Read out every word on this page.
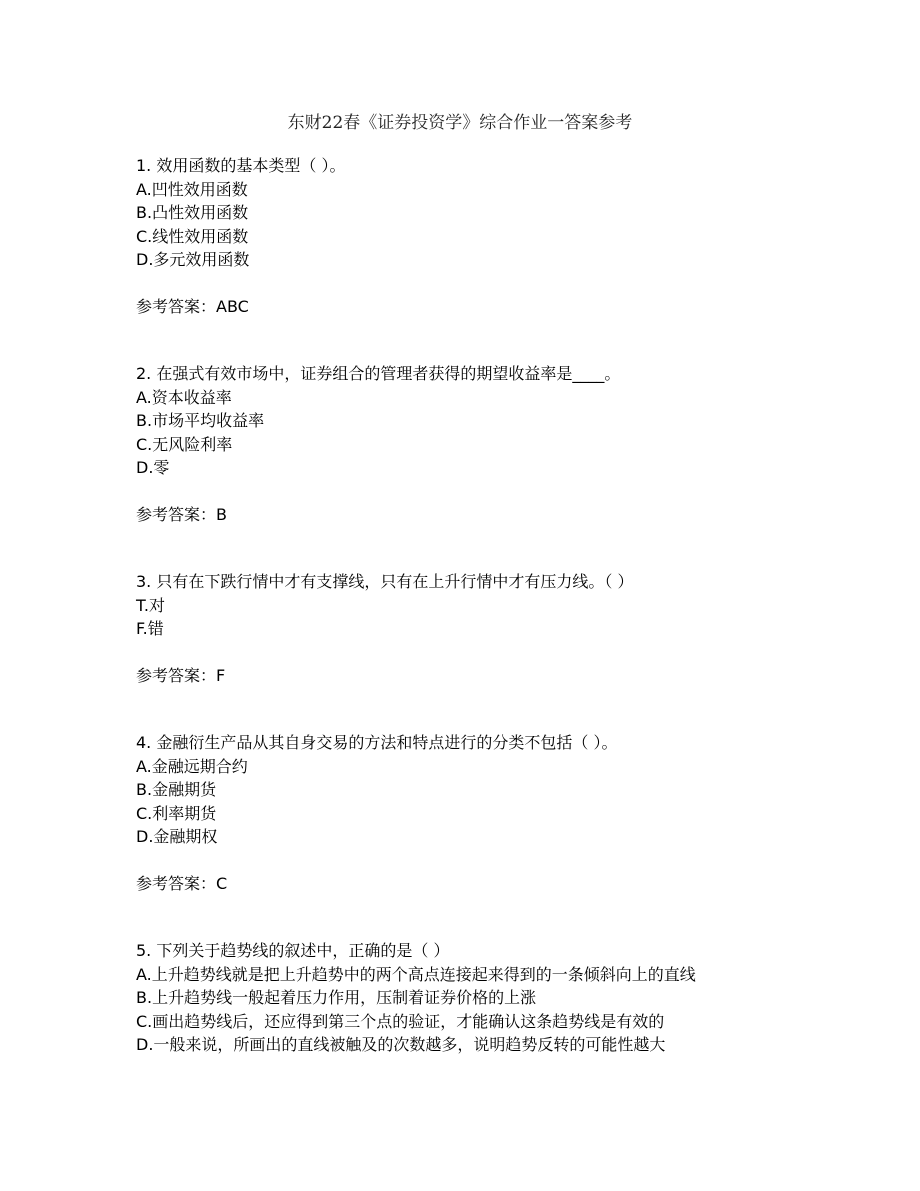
东财22春《证券投资学》综合作业一答案参考
1. 效用函数的基本类型（ ）。
A.凹性效用函数
B.凸性效用函数
C.线性效用函数
D.多元效用函数
参考答案：ABC
2. 在强式有效市场中，证券组合的管理者获得的期望收益率是____。
A.资本收益率
B.市场平均收益率
C.无风险利率
D.零
参考答案：B
3. 只有在下跌行情中才有支撑线，只有在上升行情中才有压力线。（ ）
T.对
F.错
参考答案：F
4. 金融衍生产品从其自身交易的方法和特点进行的分类不包括（ ）。
A.金融远期合约
B.金融期货
C.利率期货
D.金融期权
参考答案：C
5. 下列关于趋势线的叙述中，正确的是（ ）
A.上升趋势线就是把上升趋势中的两个高点连接起来得到的一条倾斜向上的直线
B.上升趋势线一般起着压力作用，压制着证券价格的上涨
C.画出趋势线后，还应得到第三个点的验证，才能确认这条趋势线是有效的
D.一般来说，所画出的直线被触及的次数越多，说明趋势反转的可能性越大
